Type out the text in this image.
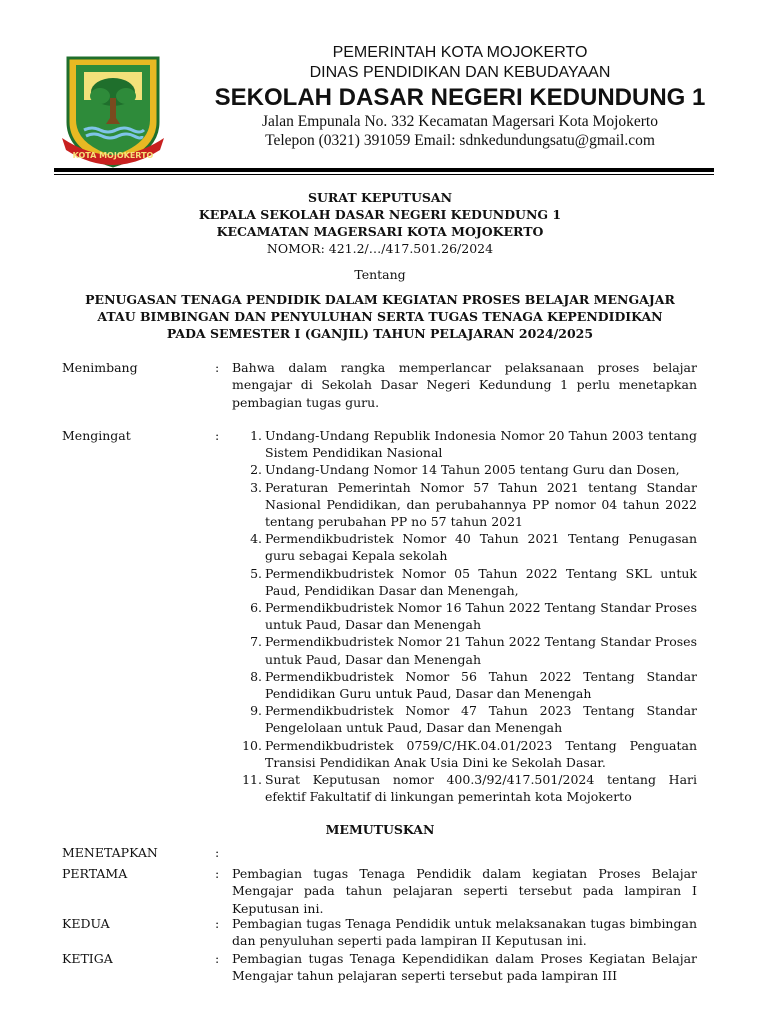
KOTA MOJOKERTO
PEMERINTAH KOTA MOJOKERTO
DINAS PENDIDIKAN DAN KEBUDAYAAN
SEKOLAH DASAR NEGERI KEDUNDUNG 1
Jalan Empunala No. 332 Kecamatan Magersari Kota Mojokerto
Telepon (0321) 391059 Email: sdnkedundungsatu@gmail.com
SURAT KEPUTUSAN
KEPALA SEKOLAH DASAR NEGERI KEDUNDUNG 1
KECAMATAN MAGERSARI KOTA MOJOKERTO
NOMOR: 421.2/…/417.501.26/2024
Tentang
PENUGASAN TENAGA PENDIDIK DALAM KEGIATAN PROSES BELAJAR MENGAJAR
ATAU BIMBINGAN DAN PENYULUHAN SERTA TUGAS TENAGA KEPENDIDIKAN
PADA SEMESTER I (GANJIL) TAHUN PELAJARAN 2024/2025
Menimbang	: Bahwa dalam rangka memperlancar pelaksanaan proses belajar mengajar di Sekolah Dasar Negeri Kedundung 1 perlu menetapkan pembagian tugas guru.
Mengingat	:	1. Undang-Undang Republik Indonesia Nomor 20 Tahun 2003 tentang Sistem Pendidikan Nasional
2. Undang-Undang Nomor 14 Tahun 2005 tentang Guru dan Dosen,
3. Peraturan Pemerintah Nomor 57 Tahun 2021 tentang Standar Nasional Pendidikan, dan perubahannya PP nomor 04 tahun 2022 tentang perubahan PP no 57 tahun 2021
4. Permendikbudristek Nomor 40 Tahun 2021 Tentang Penugasan guru sebagai Kepala sekolah
5. Permendikbudristek Nomor 05 Tahun 2022 Tentang SKL untuk Paud, Pendidikan Dasar dan Menengah,
6. Permendikbudristek Nomor 16 Tahun 2022 Tentang Standar Proses untuk Paud, Dasar dan Menengah
7. Permendikbudristek Nomor 21 Tahun 2022 Tentang Standar Proses untuk Paud, Dasar dan Menengah
8. Permendikbudristek Nomor 56 Tahun 2022 Tentang Standar Pendidikan Guru untuk Paud, Dasar dan Menengah
9. Permendikbudristek Nomor 47 Tahun 2023 Tentang Standar Pengelolaan untuk Paud, Dasar dan Menengah
10. Permendikbudristek 0759/C/HK.04.01/2023 Tentang Penguatan Transisi Pendidikan Anak Usia Dini ke Sekolah Dasar.
11. Surat Keputusan nomor 400.3/92/417.501/2024 tentang Hari efektif Fakultatif di linkungan pemerintah kota Mojokerto
MEMUTUSKAN
MENETAPKAN	:
PERTAMA	: Pembagian tugas Tenaga Pendidik dalam kegiatan Proses Belajar Mengajar pada tahun pelajaran seperti tersebut pada lampiran I Keputusan ini.
KEDUA	: Pembagian tugas Tenaga Pendidik untuk melaksanakan tugas bimbingan dan penyuluhan seperti pada lampiran II Keputusan ini.
KETIGA	: Pembagian tugas Tenaga Kependidikan dalam Proses Kegiatan Belajar Mengajar tahun pelajaran seperti tersebut pada lampiran III
